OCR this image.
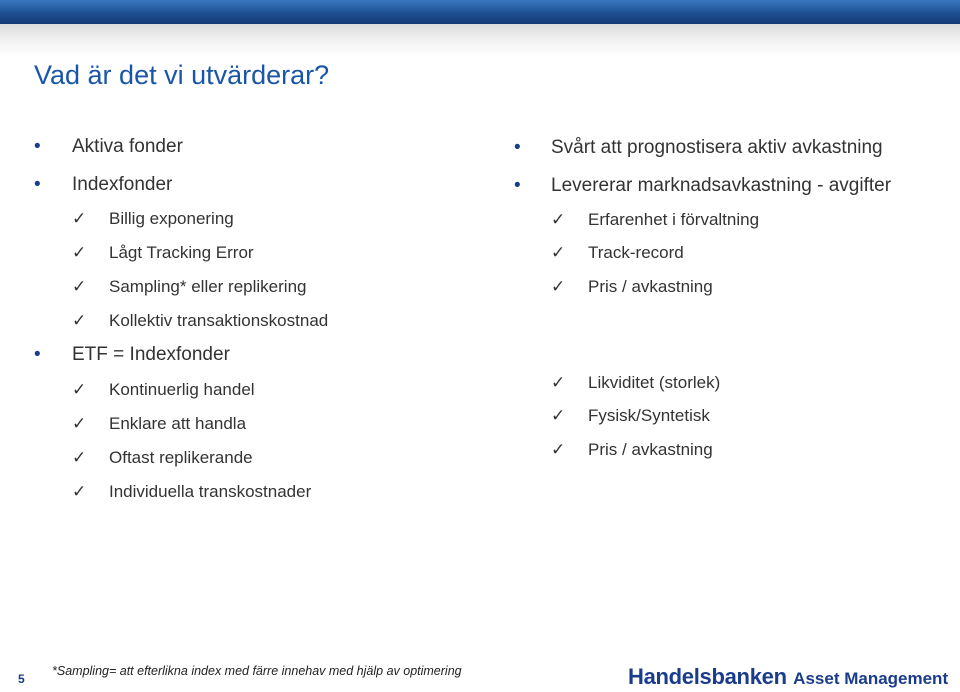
Vad är det vi utvärderar?
• Aktiva fonder
• Indexfonder
✓ Billig exponering
✓ Lågt Tracking Error
✓ Sampling* eller replikering
✓ Kollektiv transaktionskostnad
• ETF = Indexfonder
✓ Kontinuerlig handel
✓ Enklare att handla
✓ Oftast replikerande
✓ Individuella transkostnader
• Svårt att prognostisera aktiv avkastning
• Levererar marknadsavkastning - avgifter
✓ Erfarenhet i förvaltning
✓ Track-record
✓ Pris / avkastning
✓ Likviditet (storlek)
✓ Fysisk/Syntetisk
✓ Pris / avkastning
5
*Sampling= att efterlikna index med färre innehav med hjälp av optimering	Handelsbanken Asset Management
